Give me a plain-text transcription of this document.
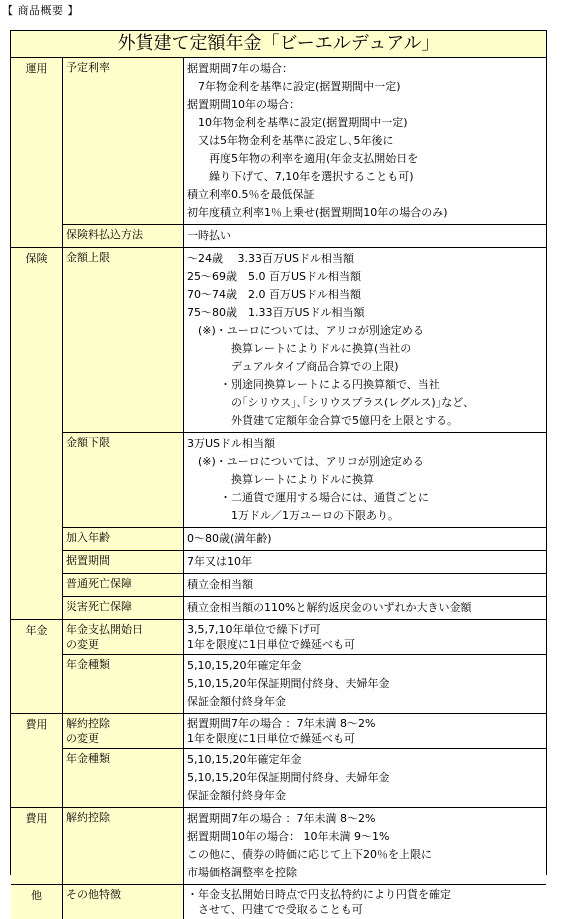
【 商品概要 】
外貨建て定額年金「ビーエルデュアル」
運用	予定利率	据置期間7年の場合：
　7年物金利を基準に設定(据置期間中一定)
据置期間10年の場合：
　10年物金利を基準に設定(据置期間中一定)
　又は5年物金利を基準に設定し､5年後に
　　再度5年物の利率を適用(年金支払開始日を
　　繰り下げて、7,10年を選択することも可)
積立利率0.5％を最低保証
初年度積立利率1％上乗せ(据置期間10年の場合のみ)
保険料払込方法	一時払い
保険	金額上限	～24歳　 3.33百万USドル相当額
25～69歳　5.0 百万USドル相当額
70～74歳　2.0 百万USドル相当額
75～80歳　1.33百万USドル相当額
　(※)・ユーロについては、アリコが別途定める
　　　　換算レートによりドルに換算(当社の
　　　　デュアルタイプ商品合算での上限)
　　　・別途同換算レートによる円換算額で、当社
　　　　の｢シリウス｣､｢シリウスプラス(レグルス)｣など、
　　　　外貨建て定額年金合算で5億円を上限とする。
金額下限	3万USドル相当額
　(※)・ユーロについては、アリコが別途定める
　　　　換算レートによりドルに換算
　　　・二通貨で運用する場合には、通貨ごとに
　　　　1万ドル／1万ユーロの下限あり。
加入年齢	0～80歳(満年齢)
据置期間	7年又は10年
普通死亡保障	積立金相当額
災害死亡保障	積立金相当額の110%と解約返戻金のいずれか大きい金額
年金	年金支払開始日
の変更
3,5,7,10年単位で繰下げ可
1年を限度に1日単位で繰延べも可
年金種類	5,10,15,20年確定年金
5,10,15,20年保証期間付終身、夫婦年金
保証金額付終身年金
費用	解約控除
の変更
据置期間7年の場合 ：7年未満 8～2%
1年を限度に1日単位で繰延べも可
年金種類	5,10,15,20年確定年金
5,10,15,20年保証期間付終身、夫婦年金
保証金額付終身年金
費用	解約控除	据置期間7年の場合 ：7年未満 8～2%
据置期間10年の場合： 10年未満 9～1%
この他に、債券の時価に応じて上下20％を上限に
市場価格調整率を控除
他	その他特徴	・年金支払開始日時点で円支払特約により円貨を確定
　させて、円建てで受取ることも可
